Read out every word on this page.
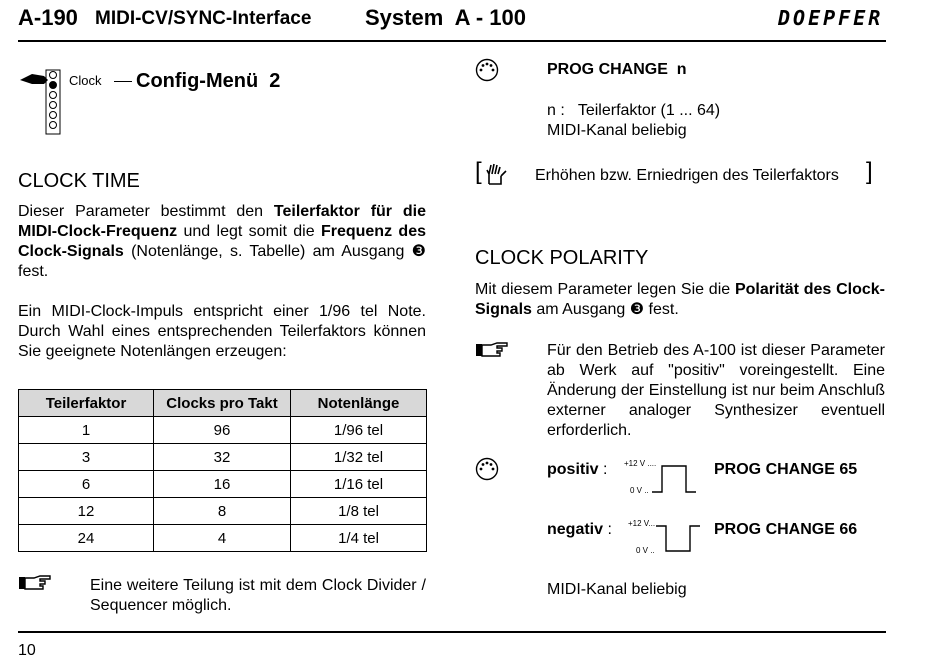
A-190 MIDI-CV/SYNC-Interface System  A - 100	DOEPFER
Clock Config-Menü  2
CLOCK TIME
Dieser Parameter bestimmt den Teilerfaktor für die MIDI-Clock-Frequenz und legt somit die Frequenz des Clock-Signals (Notenlänge, s. Tabelle) am Ausgang ❸ fest.
Ein MIDI-Clock-Impuls entspricht einer 1/96 tel Note. Durch Wahl eines entsprechenden Teilerfaktors können Sie geeignete Notenlängen erzeugen:
Teilerfaktor	Clocks pro Takt	Notenlänge
1	96	1/96 tel
3	32	1/32 tel
6	16	1/16 tel
12	8	1/8 tel
24	4	1/4 tel
Eine weitere Teilung ist mit dem Clock Divider / Sequencer möglich.
PROG CHANGE  n
n :   Teilerfaktor (1 ... 64)
MIDI-Kanal beliebig
[	Erhöhen bzw. Erniedrigen des Teilerfaktors ]
CLOCK POLARITY
Mit diesem Parameter legen Sie die Polarität des Clock-Signals am Ausgang ❸ fest.
Für den Betrieb des A-100 ist dieser Parameter ab Werk auf "positiv" voreingestellt. Eine Änderung der Einstellung ist nur beim Anschluß externer analoger Synthesizer eventuell erforderlich.
positiv : +12 V ....
0 V ..
PROG CHANGE 65
negativ : +12 V...
0 V ..
PROG CHANGE 66
MIDI-Kanal beliebig
10
